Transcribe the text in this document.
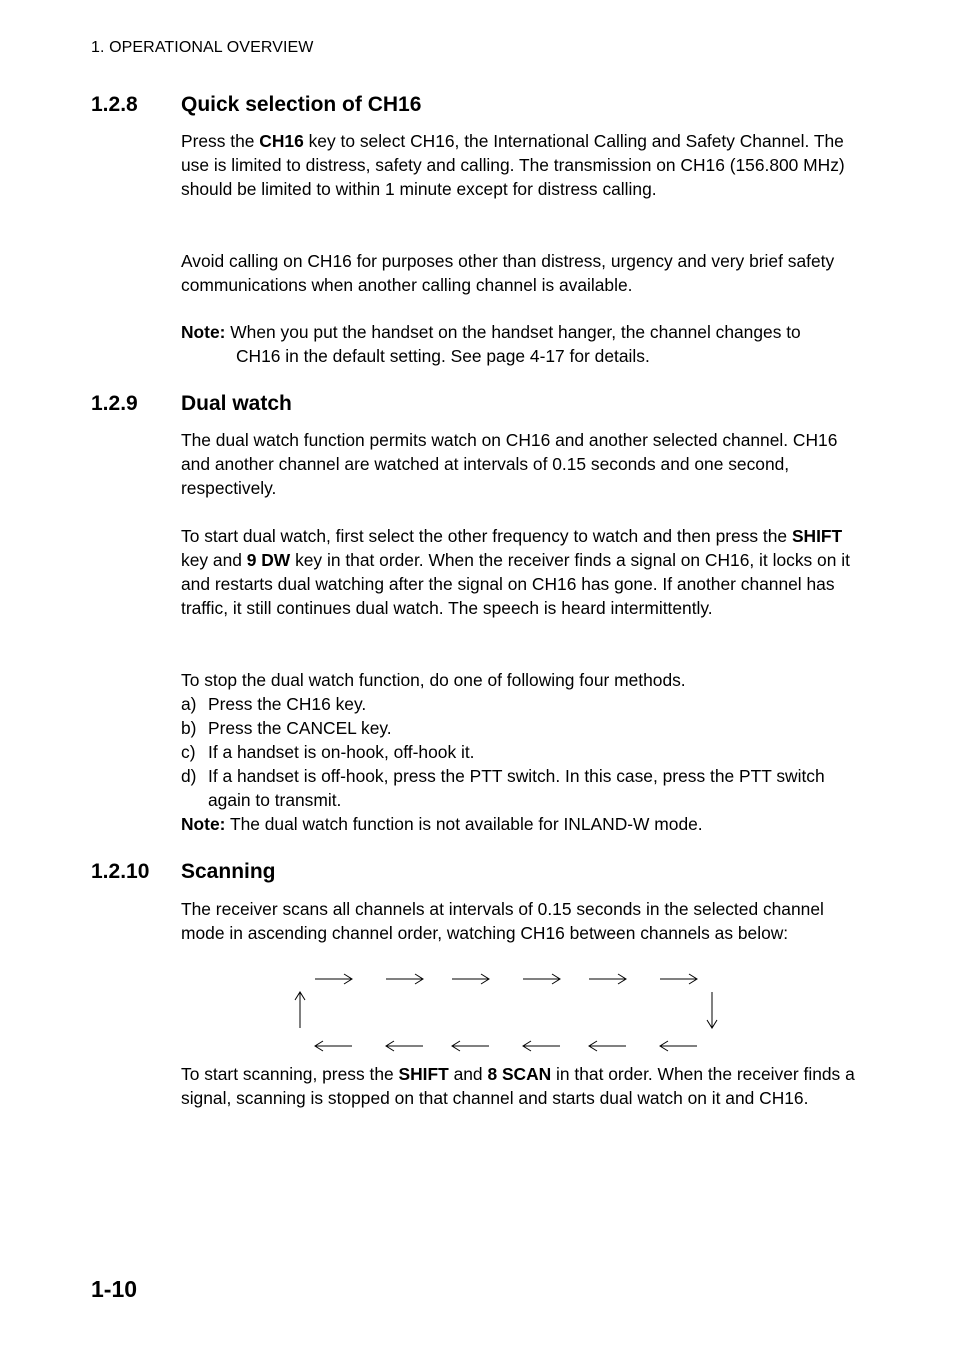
1. OPERATIONAL OVERVIEW
1.2.8 Quick selection of CH16

Press the CH16 key to select CH16, the International Calling and Safety Channel. The use is limited to distress, safety and calling. The transmission on CH16 (156.800 MHz) should be limited to within 1 minute except for distress calling.

Avoid calling on CH16 for purposes other than distress, urgency and very brief safety communications when another calling channel is available.

Note: When you put the handset on the handset hanger, the channel changes to
CH16 in the default setting. See page 4-17 for details.

1.2.9 Dual watch

The dual watch function permits watch on CH16 and another selected channel. CH16 and another channel are watched at intervals of 0.15 seconds and one second, respectively.

To start dual watch, first select the other frequency to watch and then press the SHIFT key and 9 DW key in that order. When the receiver finds a signal on CH16, it locks on it and restarts dual watching after the signal on CH16 has gone. If another channel has traffic, it still continues dual watch. The speech is heard intermittently.

To stop the dual watch function, do one of following four methods.

a) Press the CH16 key.
b) Press the CANCEL key.
c) If a handset is on-hook, off-hook it.
d) If a handset is off-hook, press the PTT switch. In this case, press the PTT switch again to transmit.

Note: The dual watch function is not available for INLAND-W mode.

1.2.10 Scanning

The receiver scans all channels at intervals of 0.15 seconds in the selected channel mode in ascending channel order, watching CH16 between channels as below:

To start scanning, press the SHIFT and 8 SCAN in that order. When the receiver finds a signal, scanning is stopped on that channel and starts dual watch on it and CH16.

1-10
